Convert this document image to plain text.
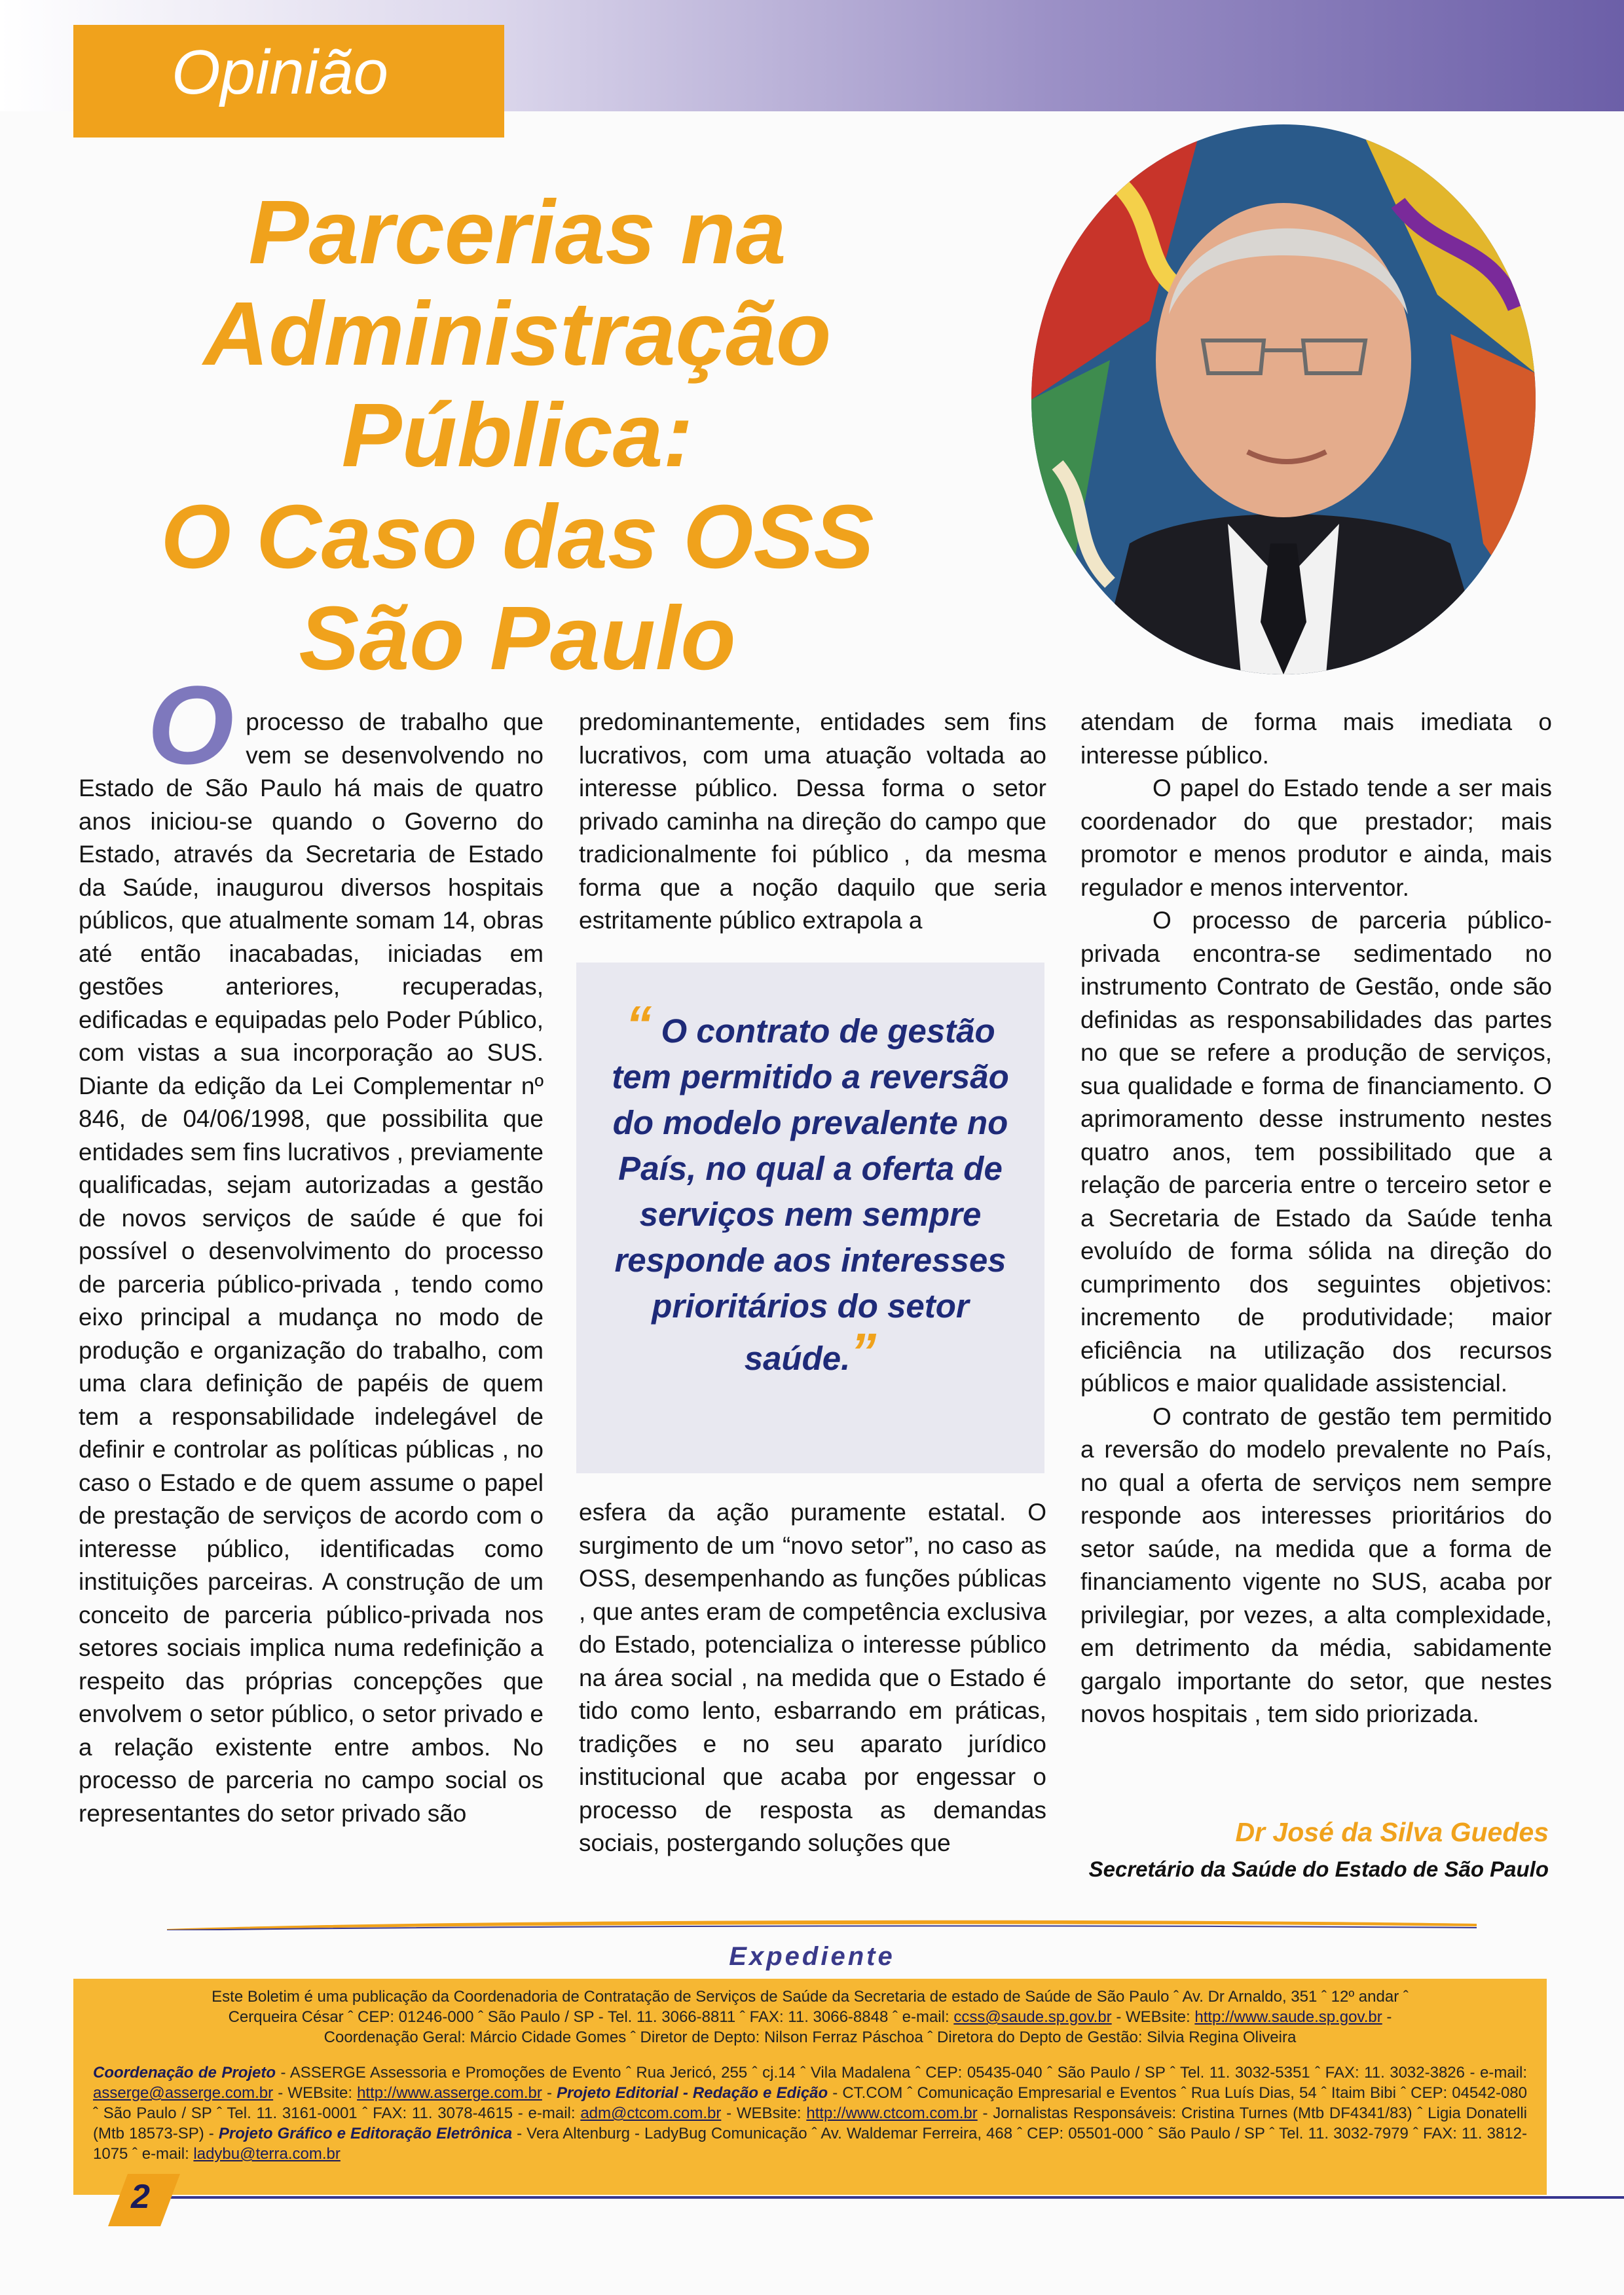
Opinião
Parcerias na
Administração
Pública:
O Caso das OSS
São Paulo

Oprocesso de trabalho que vem se desenvolvendo no Estado de São Paulo há mais de quatro anos iniciou-se quando o Governo do Estado, através da Secretaria de Estado da Saúde, inaugurou diversos hospitais públicos, que atualmente somam 14, obras até então inacabadas, iniciadas em gestões anteriores, recuperadas, edificadas e equipadas pelo Poder Público, com vistas a sua incorporação ao SUS. Diante da edição da Lei Complementar nº 846, de 04/06/1998, que possibilita que entidades sem fins lucrativos , previamente qualificadas, sejam autorizadas a gestão de novos serviços de saúde é que foi possível o desenvolvimento do processo de parceria público-privada , tendo como eixo principal a mudança no modo de produção e organização do trabalho, com uma clara definição de papéis de quem tem a responsabilidade indelegável de definir e controlar as políticas públicas , no caso o Estado e de quem assume o papel de prestação de serviços de acordo com o interesse público, identificadas como instituições parceiras. A construção de um conceito de parceria público-privada nos setores sociais implica numa redefinição a respeito das próprias concepções que envolvem o setor público, o setor privado e a relação existente entre ambos. No processo de parceria no campo social os representantes do setor privado são

predominantemente, entidades sem fins lucrativos, com uma atuação voltada ao interesse público. Dessa forma o setor privado caminha na direção do campo que tradicionalmente foi público , da mesma forma que a noção daquilo que seria estritamente público extrapola a

“ O contrato de gestão tem permitido a reversão do modelo prevalente no País, no qual a oferta de serviços nem sempre responde aos interesses prioritários do setor saúde.”

esfera da ação puramente estatal. O surgimento de um “novo setor”, no caso as OSS, desempenhando as funções públicas , que antes eram de competência exclusiva do Estado, potencializa o interesse público na área social , na medida que o Estado é tido como lento, esbarrando em práticas, tradições e no seu aparato jurídico institucional que acaba por engessar o processo de resposta as demandas sociais, postergando soluções que

atendam de forma mais imediata o interesse público.

O papel do Estado tende a ser mais coordenador do que prestador; mais promotor e menos produtor e ainda, mais regulador e menos interventor.

O processo de parceria público-privada encontra-se sedimentado no instrumento Contrato de Gestão, onde são definidas as responsabilidades das partes no que se refere a produção de serviços, sua qualidade e forma de financiamento. O aprimoramento desse instrumento nestes quatro anos, tem possibilitado que a relação de parceria entre o terceiro setor e a Secretaria de Estado da Saúde tenha evoluído de forma sólida na direção do cumprimento dos seguintes objetivos: incremento de produtividade; maior eficiência na utilização dos recursos públicos e maior qualidade assistencial.

O contrato de gestão tem permitido a reversão do modelo prevalente no País, no qual a oferta de serviços nem sempre responde aos interesses prioritários do setor saúde, na medida que a forma de financiamento vigente no SUS, acaba por privilegiar, por vezes, a alta complexidade, em detrimento da média, sabidamente gargalo importante do setor, que nestes novos hospitais , tem sido priorizada.

Dr José da Silva Guedes
Secretário da Saúde do Estado de São Paulo
Expediente
Este Boletim é uma publicação da Coordenadoria de Contratação de Serviços de Saúde da Secretaria de estado de Saúde de São Paulo ˆ Av. Dr Arnaldo, 351 ˆ 12º andar ˆ
Cerqueira César ˆ CEP: 01246-000 ˆ São Paulo / SP - Tel. 11. 3066-8811 ˆ FAX: 11. 3066-8848 ˆ e-mail: ccss@saude.sp.gov.br - WEBsite: http://www.saude.sp.gov.br -
Coordenação Geral: Márcio Cidade Gomes ˆ Diretor de Depto: Nilson Ferraz Páschoa ˆ Diretora do Depto de Gestão: Silvia Regina Oliveira
Coordenação de Projeto - ASSERGE Assessoria e Promoções de Evento ˆ Rua Jericó, 255 ˆ cj.14 ˆ Vila Madalena ˆ CEP: 05435-040 ˆ São Paulo / SP ˆ Tel. 11. 3032-5351 ˆ FAX: 11. 3032-3826 - e-mail: asserge@asserge.com.br - WEBsite: http://www.asserge.com.br - Projeto Editorial - Redação e Edição - CT.COM ˆ Comunicação Empresarial e Eventos ˆ Rua Luís Dias, 54 ˆ Itaim Bibi ˆ CEP: 04542-080 ˆ São Paulo / SP ˆ Tel. 11. 3161-0001 ˆ FAX: 11. 3078-4615 - e-mail: adm@ctcom.com.br - WEBsite: http://www.ctcom.com.br - Jornalistas Responsáveis: Cristina Turnes (Mtb DF4341/83) ˆ Ligia Donatelli (Mtb 18573-SP) - Projeto Gráfico e Editoração Eletrônica - Vera Altenburg - LadyBug Comunicação ˆ Av. Waldemar Ferreira, 468 ˆ CEP: 05501-000 ˆ São Paulo / SP ˆ Tel. 11. 3032-7979 ˆ FAX: 11. 3812-1075 ˆ e-mail: ladybu@terra.com.br
2
